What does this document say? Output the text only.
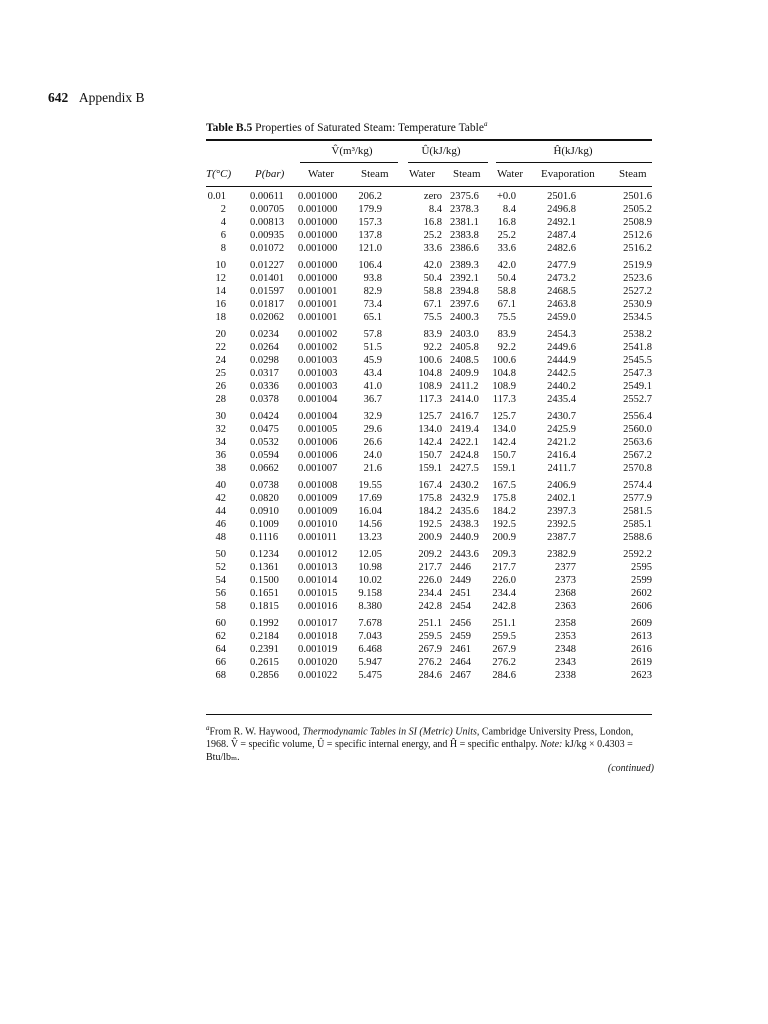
642 Appendix B
Table B.5 Properties of Saturated Steam: Temperature Table$^a$
V̂(m³/kg)	Û(kJ/kg)	Ĥ(kJ/kg)
T(°C) P(bar) Water Steam Water Steam Water Evaporation Steam
0.01	0.00611	0.001000	206.2	zero	2375.6	+0.0	2501.6	2501.6
2	0.00705	0.001000	179.9	8.4	2378.3	8.4	2496.8	2505.2
4	0.00813	0.001000	157.3	16.8	2381.1	16.8	2492.1	2508.9
6	0.00935	0.001000	137.8	25.2	2383.8	25.2	2487.4	2512.6
8	0.01072	0.001000	121.0	33.6	2386.6	33.6	2482.6	2516.2

10	0.01227	0.001000	106.4	42.0	2389.3	42.0	2477.9	2519.9
12	0.01401	0.001000	93.8	50.4	2392.1	50.4	2473.2	2523.6
14	0.01597	0.001001	82.9	58.8	2394.8	58.8	2468.5	2527.2
16	0.01817	0.001001	73.4	67.1	2397.6	67.1	2463.8	2530.9
18	0.02062	0.001001	65.1	75.5	2400.3	75.5	2459.0	2534.5

20	0.0234	0.001002	57.8	83.9	2403.0	83.9	2454.3	2538.2
22	0.0264	0.001002	51.5	92.2	2405.8	92.2	2449.6	2541.8
24	0.0298	0.001003	45.9	100.6	2408.5	100.6	2444.9	2545.5
25	0.0317	0.001003	43.4	104.8	2409.9	104.8	2442.5	2547.3
26	0.0336	0.001003	41.0	108.9	2411.2	108.9	2440.2	2549.1
28	0.0378	0.001004	36.7	117.3	2414.0	117.3	2435.4	2552.7

30	0.0424	0.001004	32.9	125.7	2416.7	125.7	2430.7	2556.4
32	0.0475	0.001005	29.6	134.0	2419.4	134.0	2425.9	2560.0
34	0.0532	0.001006	26.6	142.4	2422.1	142.4	2421.2	2563.6
36	0.0594	0.001006	24.0	150.7	2424.8	150.7	2416.4	2567.2
38	0.0662	0.001007	21.6	159.1	2427.5	159.1	2411.7	2570.8

40	0.0738	0.001008	19.55	167.4	2430.2	167.5	2406.9	2574.4
42	0.0820	0.001009	17.69	175.8	2432.9	175.8	2402.1	2577.9
44	0.0910	0.001009	16.04	184.2	2435.6	184.2	2397.3	2581.5
46	0.1009	0.001010	14.56	192.5	2438.3	192.5	2392.5	2585.1
48	0.1116	0.001011	13.23	200.9	2440.9	200.9	2387.7	2588.6

50	0.1234	0.001012	12.05	209.2	2443.6	209.3	2382.9	2592.2
52	0.1361	0.001013	10.98	217.7	2446	217.7	2377	2595
54	0.1500	0.001014	10.02	226.0	2449	226.0	2373	2599
56	0.1651	0.001015	9.158	234.4	2451	234.4	2368	2602
58	0.1815	0.001016	8.380	242.8	2454	242.8	2363	2606

60	0.1992	0.001017	7.678	251.1	2456	251.1	2358	2609
62	0.2184	0.001018	7.043	259.5	2459	259.5	2353	2613
64	0.2391	0.001019	6.468	267.9	2461	267.9	2348	2616
66	0.2615	0.001020	5.947	276.2	2464	276.2	2343	2619
68	0.2856	0.001022	5.475	284.6	2467	284.6	2338	2623
$^a$From R. W. Haywood, Thermodynamic Tables in SI (Metric) Units, Cambridge University Press, London, 1968. V̂ = specific volume, Û = specific internal energy, and Ĥ = specific enthalpy. Note: kJ/kg × 0.4303 = Btu/lbₘ.
(continued)
